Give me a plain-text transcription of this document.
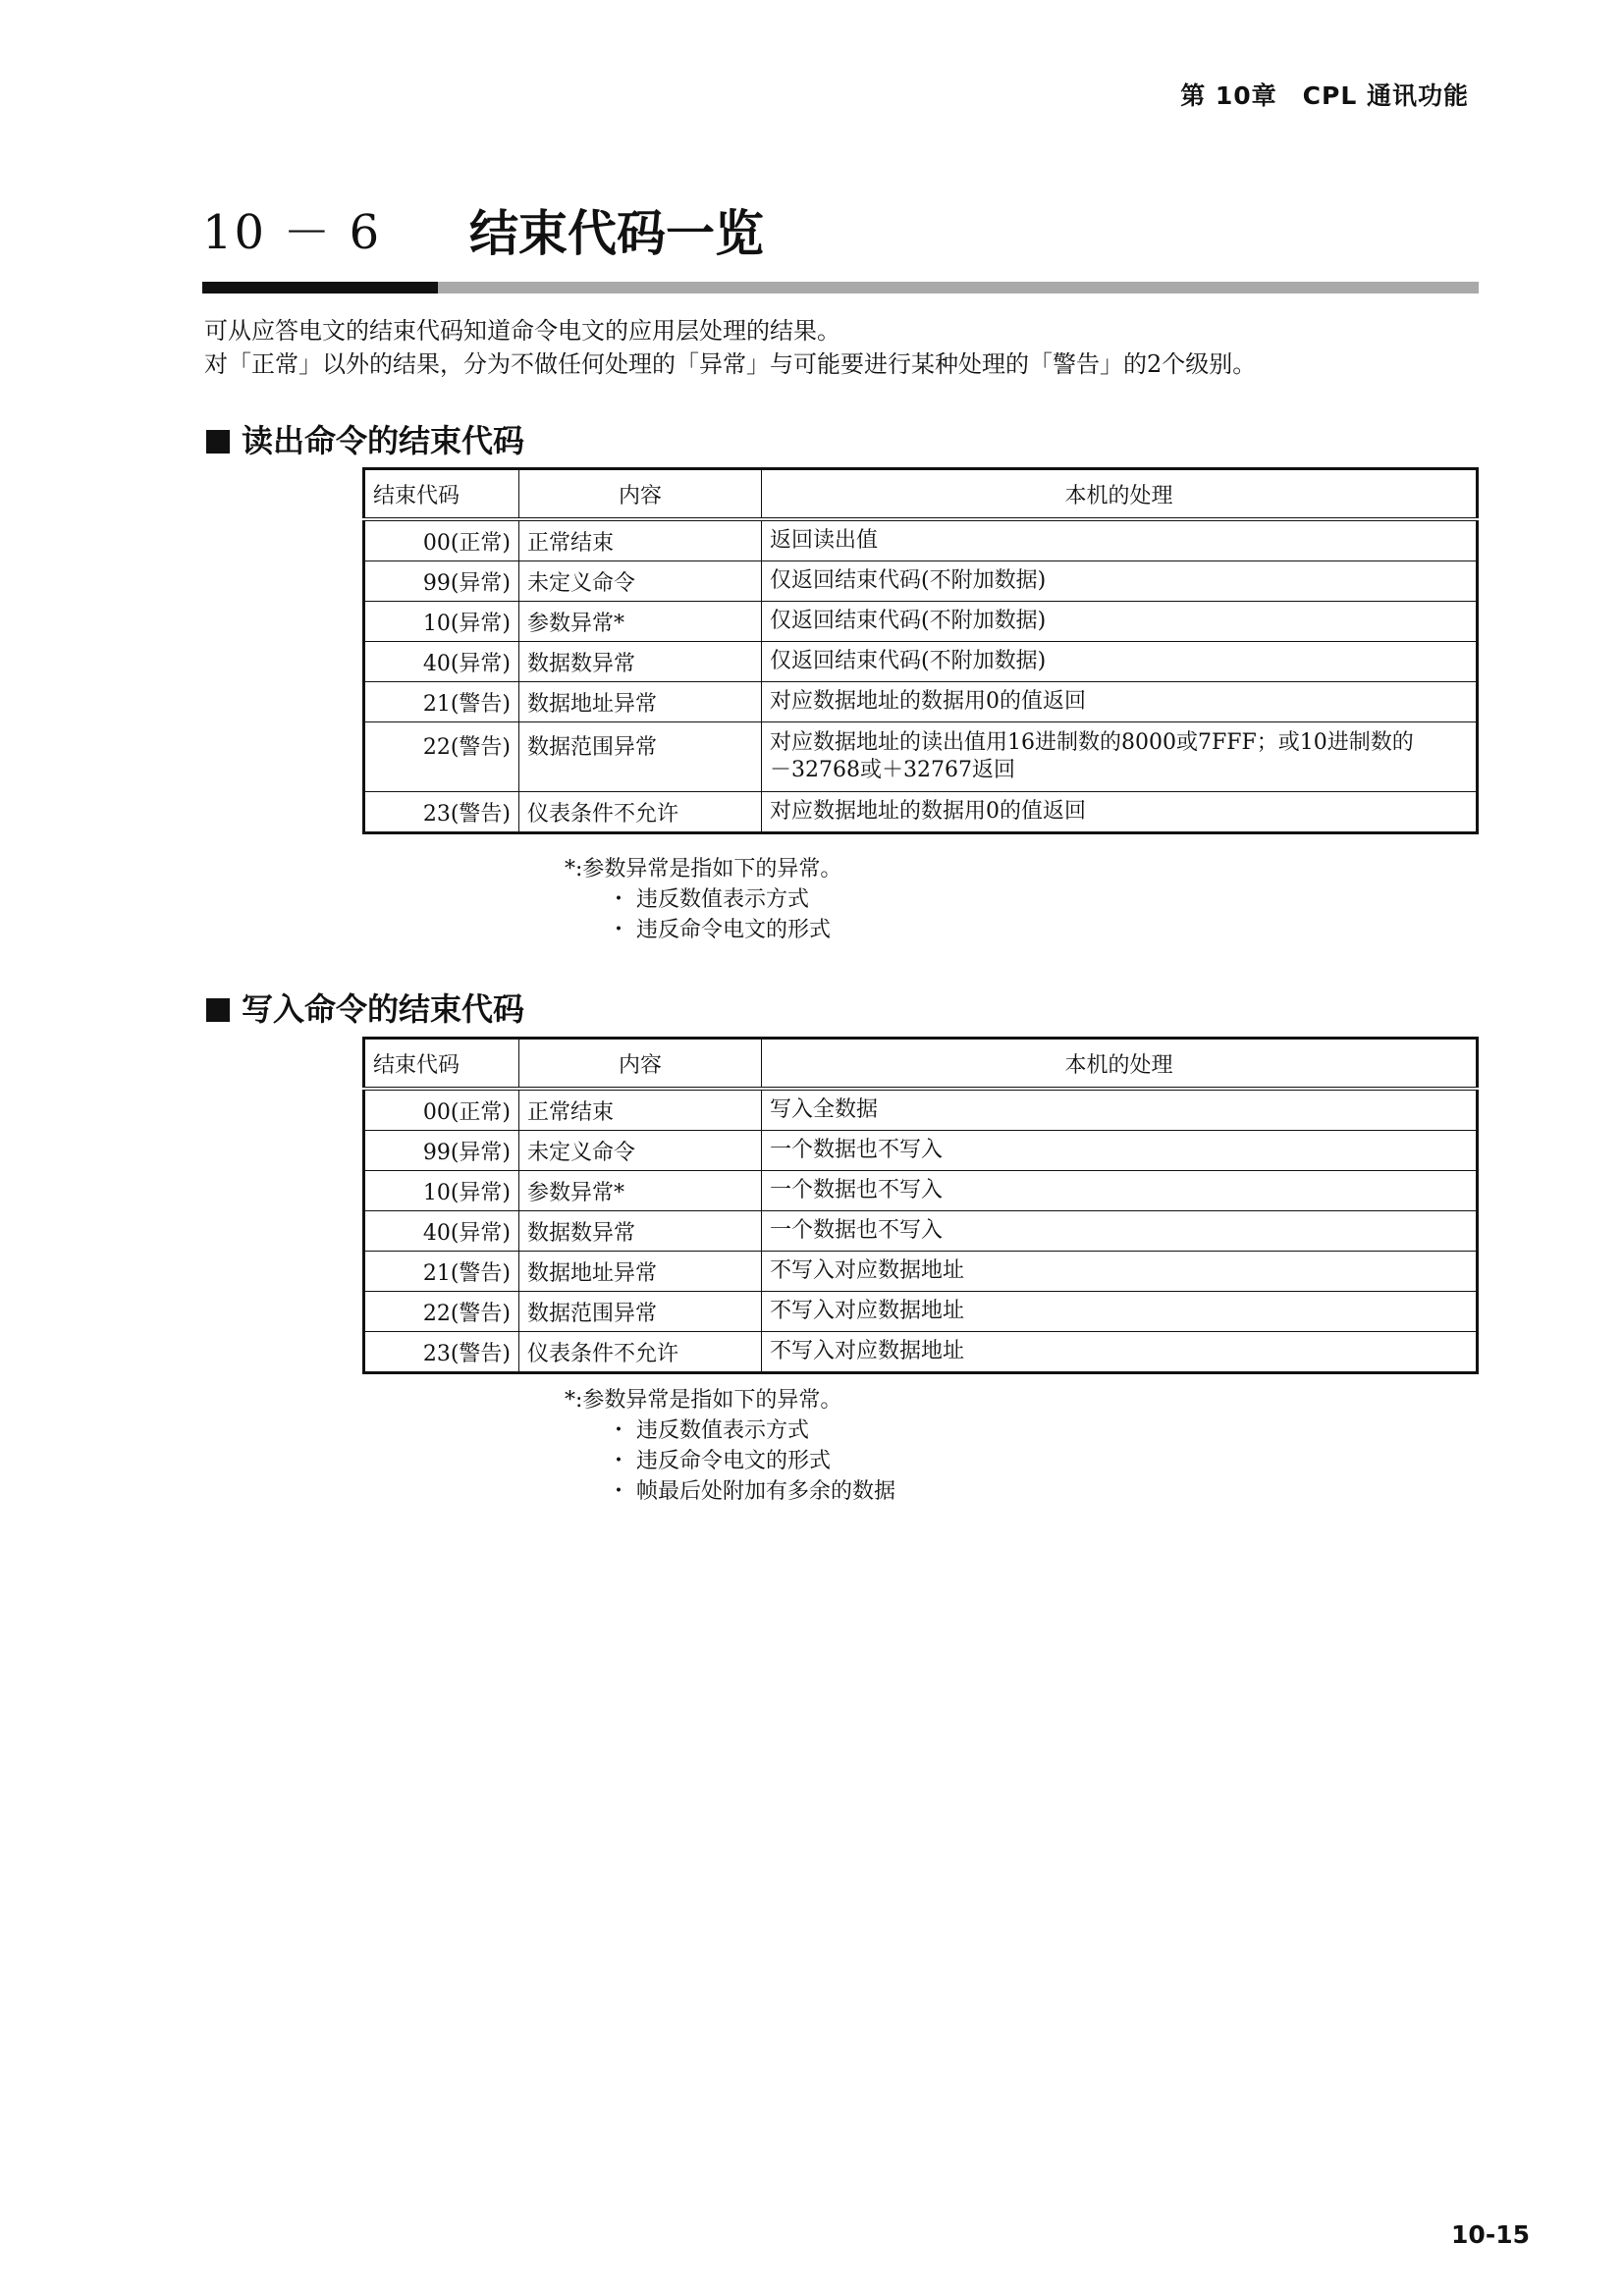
第 10章　CPL 通讯功能
10 － 6 结束代码一览

可从应答电文的结束代码知道命令电文的应用层处理的结果。

对「正常」以外的结果，分为不做任何处理的「异常」与可能要进行某种处理的「警告」的2个级别。

读出命令的结束代码
结束代码	内容	本机的处理
00(正常)	正常结束	返回读出值
99(异常)	未定义命令	仅返回结束代码(不附加数据)
10(异常)	参数异常*	仅返回结束代码(不附加数据)
40(异常)	数据数异常	仅返回结束代码(不附加数据)
21(警告)	数据地址异常	对应数据地址的数据用0的值返回
22(警告)	数据范围异常	对应数据地址的读出值用16进制数的8000或7FFF；或10进制数的
－32768或＋32767返回

23(警告)	仪表条件不允许	对应数据地址的数据用0的值返回
*:参数异常是指如下的异常。
・ 违反数值表示方式
・ 违反命令电文的形式
写入命令的结束代码
结束代码	内容	本机的处理
00(正常)	正常结束	写入全数据
99(异常)	未定义命令	一个数据也不写入
10(异常)	参数异常*	一个数据也不写入
40(异常)	数据数异常	一个数据也不写入
21(警告)	数据地址异常	不写入对应数据地址
22(警告)	数据范围异常	不写入对应数据地址
23(警告)	仪表条件不允许	不写入对应数据地址
*:参数异常是指如下的异常。
・ 违反数值表示方式
・ 违反命令电文的形式
・ 帧最后处附加有多余的数据
10-15
